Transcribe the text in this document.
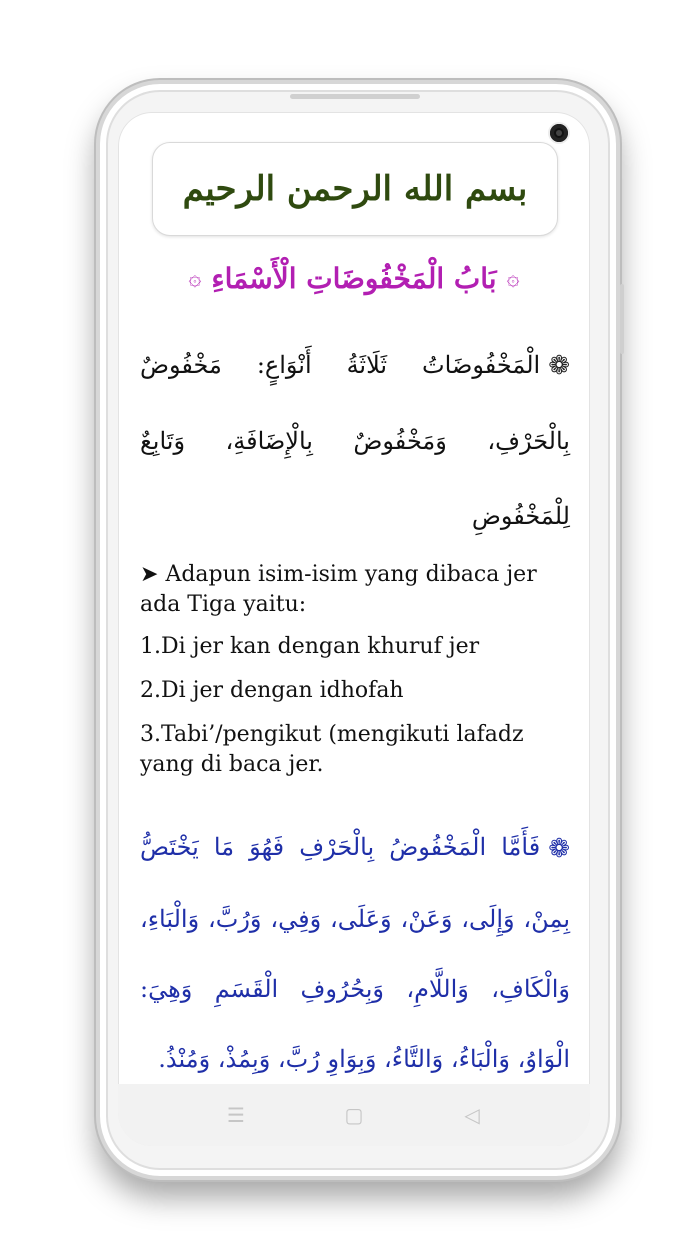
بسم الله الرحمن الرحيم
۞ بَابُ الْمَخْفُوضَاتِ الْأَسْمَاءِ ۞
❁الْمَخْفُوضَاتُ ثَلَاثَةُ أَنْوَاعٍ: مَخْفُوضٌ بِالْحَرْفِ، وَمَخْفُوضٌ بِالْإِضَافَةِ، وَتَابِعٌ لِلْمَخْفُوضِ

➤ Adapun isim-isim yang dibaca jer ada Tiga yaitu:

1.Di jer kan dengan khuruf jer

2.Di jer dengan idhofah

3.Tabi’/pengikut (mengikuti lafadz yang di baca jer.

❁فَأَمَّا الْمَخْفُوضُ بِالْحَرْفِ فَهُوَ مَا يَخْتَصُّ بِمِنْ، وَإِلَى، وَعَنْ، وَعَلَى، وَفِي، وَرُبَّ، وَالْبَاءِ، وَالْكَافِ، وَاللَّامِ، وَبِحُرُوفِ الْقَسَمِ وَهِيَ: الْوَاوُ، وَالْبَاءُ، وَالتَّاءُ، وَبِوَاوِ رُبَّ، وَبِمُذْ، وَمُنْذُ.
☰	▢	◁
